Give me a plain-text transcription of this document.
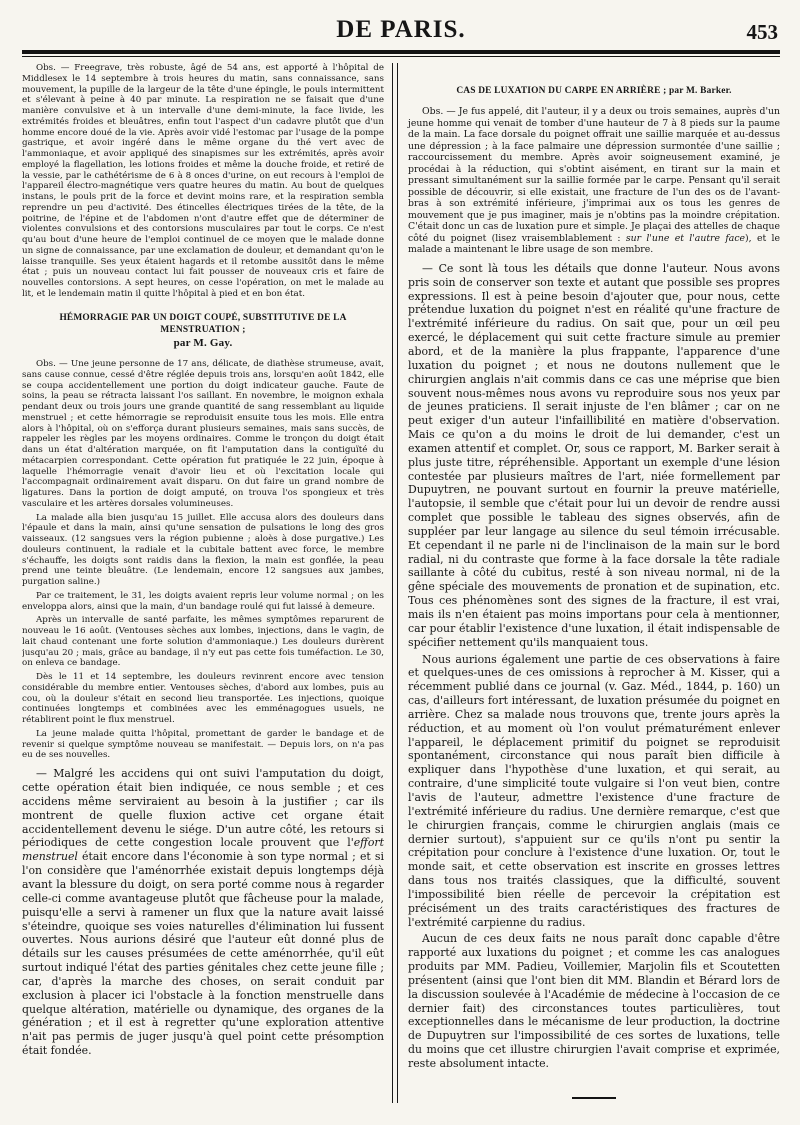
DE PARIS.	453

Obs. — Freegrave, très robuste, âgé de 54 ans, est apporté à l'hôpital de Middlesex le 14 septembre à trois heures du matin, sans connaissance, sans mouvement, la pupille de la largeur de la tête d'une épingle, le pouls intermittent et s'élevant à peine à 40 par minute. La respiration ne se faisait que d'une manière convulsive et à un intervalle d'une demi-minute, la face livide, les extrémités froides et bleuâtres, enfin tout l'aspect d'un cadavre plutôt que d'un homme encore doué de la vie. Après avoir vidé l'estomac par l'usage de la pompe gastrique, et avoir ingéré dans le même organe du thé vert avec de l'ammoniaque, et avoir appliqué des sinapismes sur les extrémités, après avoir employé la flagellation, les lotions froides et même la douche froide, et retiré de la vessie, par le cathétérisme de 6 à 8 onces d'urine, on eut recours à l'emploi de l'appareil électro-magnétique vers quatre heures du matin. Au bout de quelques instans, le pouls prit de la force et devint moins rare, et la respiration sembla reprendre un peu d'activité. Des étincelles électriques tirées de la tête, de la poitrine, de l'épine et de l'abdomen n'ont d'autre effet que de déterminer de violentes convulsions et des contorsions musculaires par tout le corps. Ce n'est qu'au bout d'une heure de l'emploi continuel de ce moyen que le malade donne un signe de connaissance, par une exclamation de douleur, et demandant qu'on le laisse tranquille. Ses yeux étaient hagards et il retombe aussitôt dans le même état ; puis un nouveau contact lui fait pousser de nouveaux cris et faire de nouvelles contorsions. A sept heures, on cesse l'opération, on met le malade au lit, et le lendemain matin il quitte l'hôpital à pied et en bon état.

HÉMORRAGIE PAR UN DOIGT COUPÉ, SUBSTITUTIVE DE LA MENSTRUATION ;
par M. Gay.

Obs. — Une jeune personne de 17 ans, délicate, de diathèse strumeuse, avait, sans cause connue, cessé d'être réglée depuis trois ans, lorsqu'en août 1842, elle se coupa accidentellement une portion du doigt indicateur gauche. Faute de soins, la peau se rétracta laissant l'os saillant. En novembre, le moignon exhala pendant deux ou trois jours une grande quantité de sang ressemblant au liquide menstruel ; et cette hémorragie se reproduisit ensuite tous les mois. Elle entra alors à l'hôpital, où on s'efforça durant plusieurs semaines, mais sans succès, de rappeler les règles par les moyens ordinaires. Comme le tronçon du doigt était dans un état d'altération marquée, on fit l'amputation dans la contiguïté du métacarpien correspondant. Cette opération fut pratiquée le 22 juin, époque à laquelle l'hémorragie venait d'avoir lieu et où l'excitation locale qui l'accompagnait ordinairement avait disparu. On dut faire un grand nombre de ligatures. Dans la portion de doigt amputé, on trouva l'os spongieux et très vasculaire et les artères dorsales volumineuses.

La malade alla bien jusqu'au 15 juillet. Elle accusa alors des douleurs dans l'épaule et dans la main, ainsi qu'une sensation de pulsations le long des gros vaisseaux. (12 sangsues vers la région pubienne ; aloès à dose purgative.) Les douleurs continuent, la radiale et la cubitale battent avec force, le membre s'échauffe, les doigts sont raidis dans la flexion, la main est gonflée, la peau prend une teinte bleuâtre. (Le lendemain, encore 12 sangsues aux jambes, purgation saline.)

Par ce traitement, le 31, les doigts avaient repris leur volume normal ; on les enveloppa alors, ainsi que la main, d'un bandage roulé qui fut laissé à demeure.

Après un intervalle de santé parfaite, les mêmes symptômes reparurent de nouveau le 16 août. (Ventouses sèches aux lombes, injections, dans le vagin, de lait chaud contenant une forte solution d'ammoniaque.) Les douleurs durèrent jusqu'au 20 ; mais, grâce au bandage, il n'y eut pas cette fois tuméfaction. Le 30, on enleva ce bandage.

Dès le 11 et 14 septembre, les douleurs revinrent encore avec tension considérable du membre entier. Ventouses sèches, d'abord aux lombes, puis au cou, où la douleur s'était en second lieu transportée. Les injections, quoique continuées longtemps et combinées avec les emménagogues usuels, ne rétablirent point le flux menstruel.

La jeune malade quitta l'hôpital, promettant de garder le bandage et de revenir si quelque symptôme nouveau se manifestait. — Depuis lors, on n'a pas eu de ses nouvelles.

— Malgré les accidens qui ont suivi l'amputation du doigt, cette opération était bien indiquée, ce nous semble ; et ces accidens même serviraient au besoin à la justifier ; car ils montrent de quelle fluxion active cet organe était accidentellement devenu le siége. D'un autre côté, les retours si périodiques de cette congestion locale prouvent que l'effort menstruel était encore dans l'économie à son type normal ; et si l'on considère que l'aménorrhée existait depuis longtemps déjà avant la blessure du doigt, on sera porté comme nous à regarder celle-ci comme avantageuse plutôt que fâcheuse pour la malade, puisqu'elle a servi à ramener un flux que la nature avait laissé s'éteindre, quoique ses voies naturelles d'élimination lui fussent ouvertes. Nous aurions désiré que l'auteur eût donné plus de détails sur les causes présumées de cette aménorrhée, qu'il eût surtout indiqué l'état des parties génitales chez cette jeune fille ; car, d'après la marche des choses, on serait conduit par exclusion à placer ici l'obstacle à la fonction menstruelle dans quelque altération, matérielle ou dynamique, des organes de la génération ; et il est à regretter qu'une exploration attentive n'ait pas permis de juger jusqu'à quel point cette présomption était fondée.

CAS DE LUXATION DU CARPE EN ARRIÈRE ; par M. Barker.

Obs. — Je fus appelé, dit l'auteur, il y a deux ou trois semaines, auprès d'un jeune homme qui venait de tomber d'une hauteur de 7 à 8 pieds sur la paume de la main. La face dorsale du poignet offrait une saillie marquée et au-dessus une dépression ; à la face palmaire une dépression surmontée d'une saillie ; raccourcissement du membre. Après avoir soigneusement examiné, je procédai à la réduction, qui s'obtint aisément, en tirant sur la main et pressant simultanément sur la saillie formée par le carpe. Pensant qu'il serait possible de découvrir, si elle existait, une fracture de l'un des os de l'avant-bras à son extrémité inférieure, j'imprimai aux os tous les genres de mouvement que je pus imaginer, mais je n'obtins pas la moindre crépitation. C'était donc un cas de luxation pure et simple. Je plaçai des attelles de chaque côté du poignet (lisez vraisemblablement : sur l'une et l'autre face), et le malade a maintenant le libre usage de son membre.

— Ce sont là tous les détails que donne l'auteur. Nous avons pris soin de conserver son texte et autant que possible ses propres expressions. Il est à peine besoin d'ajouter que, pour nous, cette prétendue luxation du poignet n'est en réalité qu'une fracture de l'extrémité inférieure du radius. On sait que, pour un œil peu exercé, le déplacement qui suit cette fracture simule au premier abord, et de la manière la plus frappante, l'apparence d'une luxation du poignet ; et nous ne doutons nullement que le chirurgien anglais n'ait commis dans ce cas une méprise que bien souvent nous-mêmes nous avons vu reproduire sous nos yeux par de jeunes praticiens. Il serait injuste de l'en blâmer ; car on ne peut exiger d'un auteur l'infaillibilité en matière d'observation. Mais ce qu'on a du moins le droit de lui demander, c'est un examen attentif et complet. Or, sous ce rapport, M. Barker serait à plus juste titre, répréhensible. Apportant un exemple d'une lésion contestée par plusieurs maîtres de l'art, niée formellement par Dupuytren, ne pouvant surtout en fournir la preuve matérielle, l'autopsie, il semble que c'était pour lui un devoir de rendre aussi complet que possible le tableau des signes observés, afin de suppléer par leur langage au silence du seul témoin irrécusable. Et cependant il ne parle ni de l'inclinaison de la main sur le bord radial, ni du contraste que forme à la face dorsale la tête radiale saillante à côté du cubitus, resté à son niveau normal, ni de la gêne spéciale des mouvements de pronation et de supination, etc. Tous ces phénomènes sont des signes de la fracture, il est vrai, mais ils n'en étaient pas moins importans pour cela à mentionner, car pour établir l'existence d'une luxation, il était indispensable de spécifier nettement qu'ils manquaient tous.

Nous aurions également une partie de ces observations à faire et quelques-unes de ces omissions à reprocher à M. Kisser, qui a récemment publié dans ce journal (v. Gaz. Méd., 1844, p. 160) un cas, d'ailleurs fort intéressant, de luxation présumée du poignet en arrière. Chez sa malade nous trouvons que, trente jours après la réduction, et au moment où l'on voulut prématurément enlever l'appareil, le déplacement primitif du poignet se reproduisit spontanément, circonstance qui nous paraît bien difficile à expliquer dans l'hypothèse d'une luxation, et qui serait, au contraire, d'une simplicité toute vulgaire si l'on veut bien, contre l'avis de l'auteur, admettre l'existence d'une fracture de l'extrémité inférieure du radius. Une dernière remarque, c'est que le chirurgien français, comme le chirurgien anglais (mais ce dernier surtout), s'appuient sur ce qu'ils n'ont pu sentir la crépitation pour conclure à l'existence d'une luxation. Or, tout le monde sait, et cette observation est inscrite en grosses lettres dans tous nos traités classiques, que la difficulté, souvent l'impossibilité bien réelle de percevoir la crépitation est précisément un des traits caractéristiques des fractures de l'extrémité carpienne du radius.

Aucun de ces deux faits ne nous paraît donc capable d'être rapporté aux luxations du poignet ; et comme les cas analogues produits par MM. Padieu, Voillemier, Marjolin fils et Scoutetten présentent (ainsi que l'ont bien dit MM. Blandin et Bérard lors de la discussion soulevée à l'Académie de médecine à l'occasion de ce dernier fait) des circonstances toutes particulières, tout exceptionnelles dans le mécanisme de leur production, la doctrine de Dupuytren sur l'impossibilité de ces sortes de luxations, telle du moins que cet illustre chirurgien l'avait comprise et exprimée, reste absolument intacte.
